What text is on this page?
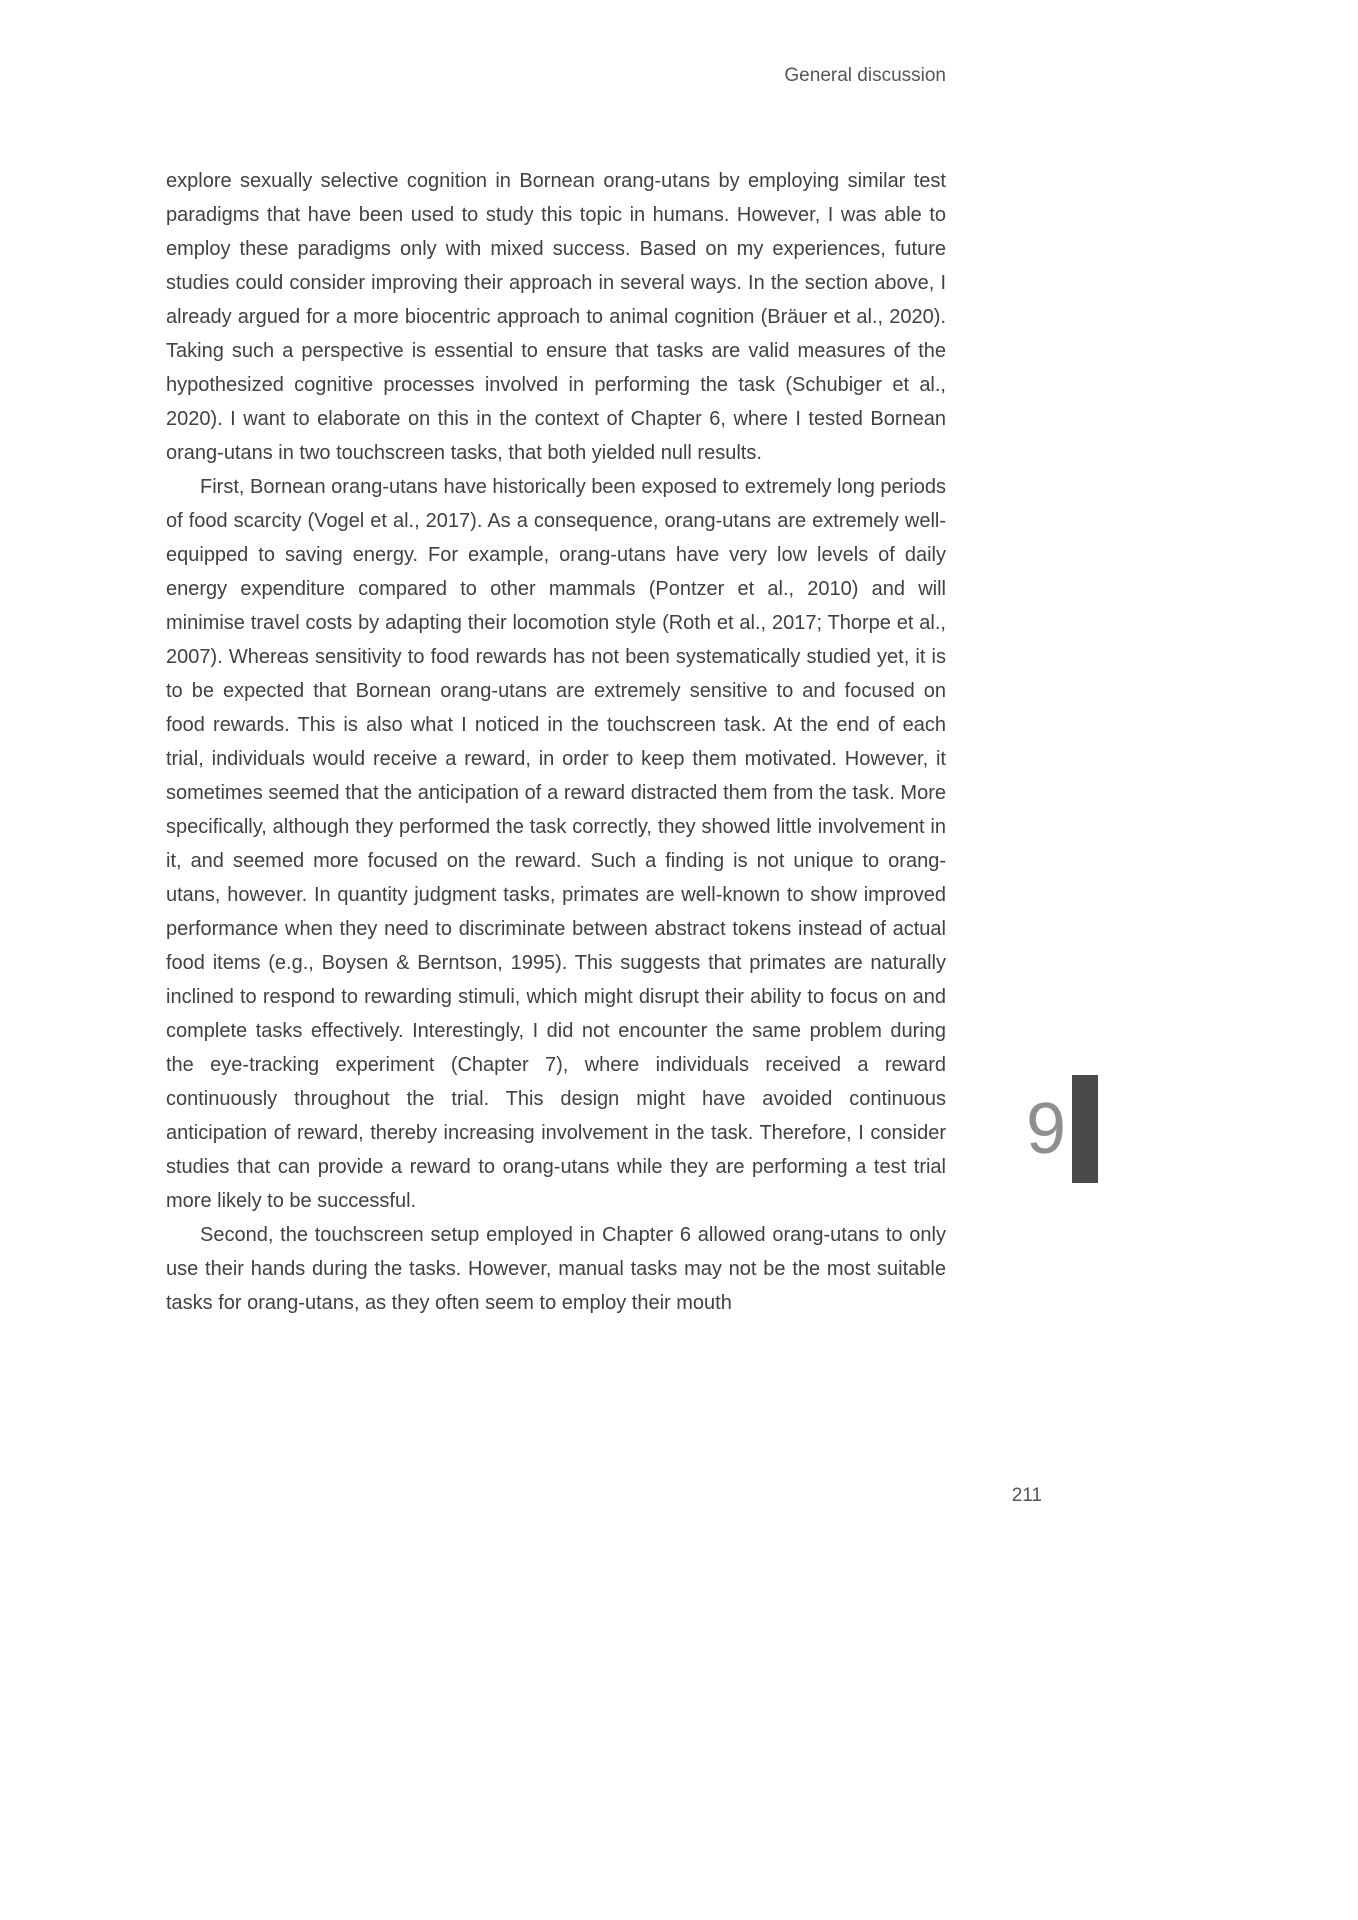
General discussion

explore sexually selective cognition in Bornean orang-utans by employing similar test paradigms that have been used to study this topic in humans. However, I was able to employ these paradigms only with mixed success. Based on my experiences, future studies could consider improving their approach in several ways. In the section above, I already argued for a more biocentric approach to animal cognition (Bräuer et al., 2020). Taking such a perspective is essential to ensure that tasks are valid measures of the hypothesized cognitive processes involved in performing the task (Schubiger et al., 2020). I want to elaborate on this in the context of Chapter 6, where I tested Bornean orang-utans in two touchscreen tasks, that both yielded null results.

First, Bornean orang-utans have historically been exposed to extremely long periods of food scarcity (Vogel et al., 2017). As a consequence, orang-utans are extremely well-equipped to saving energy. For example, orang-utans have very low levels of daily energy expenditure compared to other mammals (Pontzer et al., 2010) and will minimise travel costs by adapting their locomotion style (Roth et al., 2017; Thorpe et al., 2007). Whereas sensitivity to food rewards has not been systematically studied yet, it is to be expected that Bornean orang-utans are extremely sensitive to and focused on food rewards. This is also what I noticed in the touchscreen task. At the end of each trial, individuals would receive a reward, in order to keep them motivated. However, it sometimes seemed that the anticipation of a reward distracted them from the task. More specifically, although they performed the task correctly, they showed little involvement in it, and seemed more focused on the reward. Such a finding is not unique to orang-utans, however. In quantity judgment tasks, primates are well-known to show improved performance when they need to discriminate between abstract tokens instead of actual food items (e.g., Boysen & Berntson, 1995). This suggests that primates are naturally inclined to respond to rewarding stimuli, which might disrupt their ability to focus on and complete tasks effectively. Interestingly, I did not encounter the same problem during the eye-tracking experiment (Chapter 7), where individuals received a reward continuously throughout the trial. This design might have avoided continuous anticipation of reward, thereby increasing involvement in the task. Therefore, I consider studies that can provide a reward to orang-utans while they are performing a test trial more likely to be successful.

Second, the touchscreen setup employed in Chapter 6 allowed orang-utans to only use their hands during the tasks. However, manual tasks may not be the most suitable tasks for orang-utans, as they often seem to employ their mouth

9
211
